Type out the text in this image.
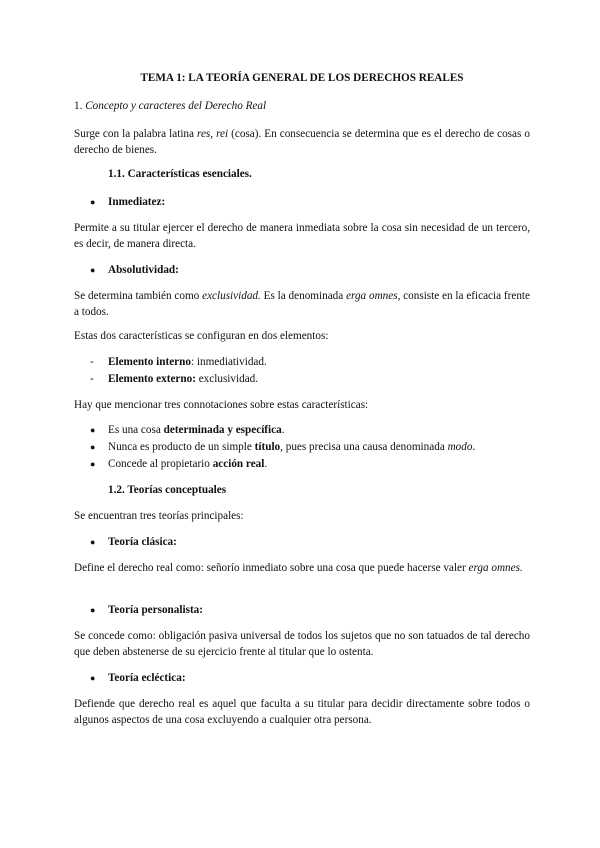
TEMA 1: LA TEORÍA GENERAL DE LOS DERECHOS REALES

1. Concepto y caracteres del Derecho Real

Surge con la palabra latina res, rei (cosa). En consecuencia se determina que es el derecho de cosas o derecho de bienes.

1.1. Características esenciales.
● Inmediatez:

Permite a su titular ejercer el derecho de manera inmediata sobre la cosa sin necesidad de un tercero, es decir, de manera directa.

● Absolutividad:

Se determina también como exclusividad. Es la denominada erga omnes, consiste en la eficacia frente a todos.

Estas dos características se configuran en dos elementos:

- Elemento interno: inmediatividad.
- Elemento externo: exclusividad.

Hay que mencionar tres connotaciones sobre estas características:

● Es una cosa determinada y específica.
● Nunca es producto de un simple título, pues precisa una causa denominada modo.
● Concede al propietario acción real.
1.2. Teorías conceptuales

Se encuentran tres teorías principales:

● Teoría clásica:

Define el derecho real como: señorío inmediato sobre una cosa que puede hacerse valer erga omnes.

● Teoría personalista:

Se concede como: obligación pasiva universal de todos los sujetos que no son tatuados de tal derecho que deben abstenerse de su ejercicio frente al titular que lo ostenta.

● Teoría ecléctica:

Defiende que derecho real es aquel que faculta a su titular para decidir directamente sobre todos o algunos aspectos de una cosa excluyendo a cualquier otra persona.
